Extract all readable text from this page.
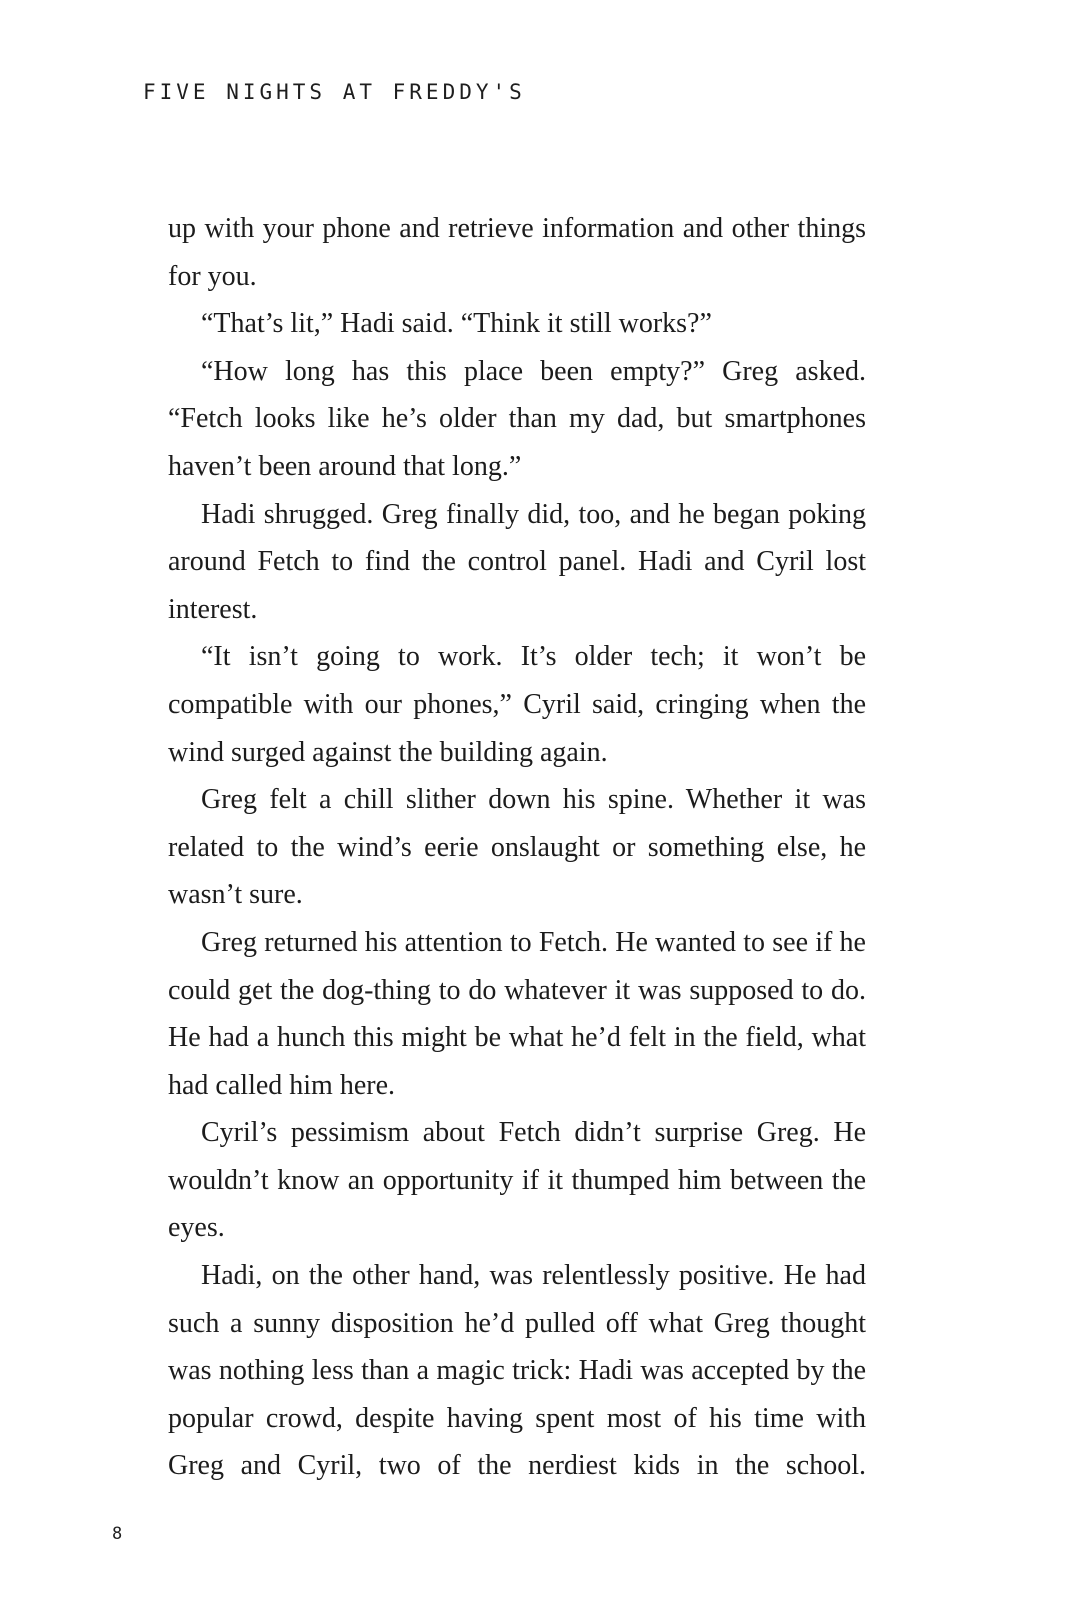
FIVE NIGHTS AT FREDDY'S

up with your phone and retrieve information and other things for you.

“That’s lit,” Hadi said. “Think it still works?”

“How long has this place been empty?” Greg asked. “Fetch looks like he’s older than my dad, but smartphones haven’t been around that long.”

Hadi shrugged. Greg finally did, too, and he began poking around Fetch to find the control panel. Hadi and Cyril lost interest.

“It isn’t going to work. It’s older tech; it won’t be compatible with our phones,” Cyril said, cringing when the wind surged against the building again.

Greg felt a chill slither down his spine. Whether it was related to the wind’s eerie onslaught or something else, he wasn’t sure.

Greg returned his attention to Fetch. He wanted to see if he could get the dog-thing to do whatever it was supposed to do. He had a hunch this might be what he’d felt in the field, what had called him here.

Cyril’s pessimism about Fetch didn’t surprise Greg. He wouldn’t know an opportunity if it thumped him between the eyes.

Hadi, on the other hand, was relentlessly positive. He had such a sunny disposition he’d pulled off what Greg thought was nothing less than a magic trick: Hadi was accepted by the popular crowd, despite having spent most of his time with Greg and Cyril, two of the nerdiest kids in the school.

8
